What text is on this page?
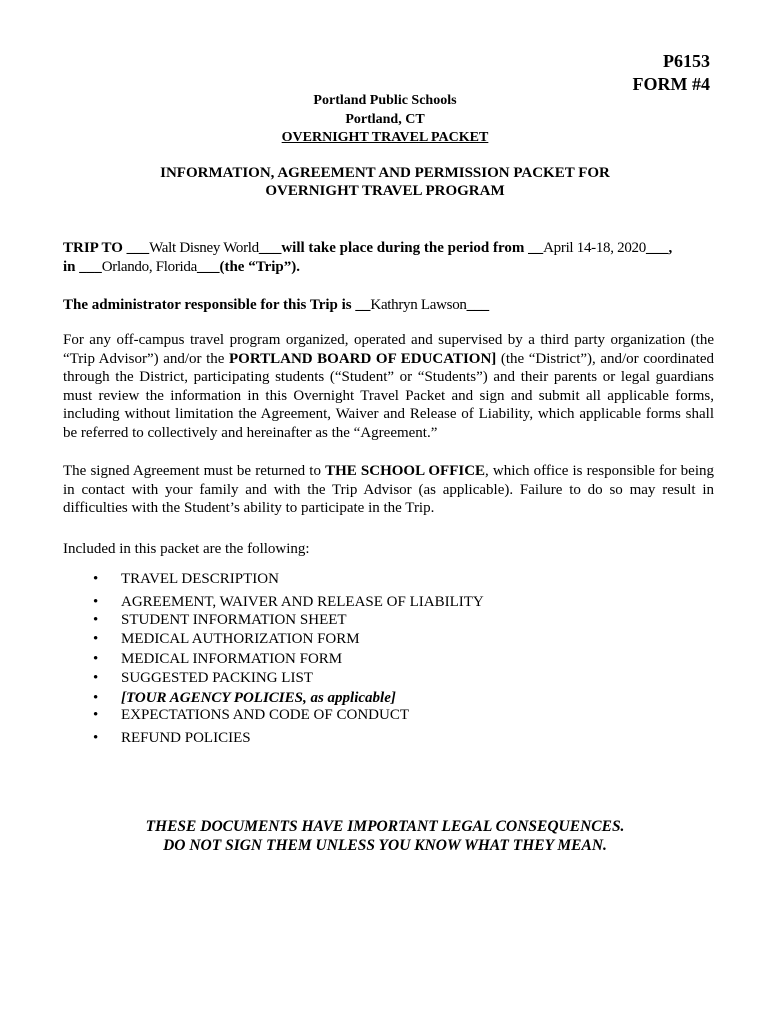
P6153
FORM #4
Portland Public Schools
Portland, CT
OVERNIGHT TRAVEL PACKET
INFORMATION, AGREEMENT AND PERMISSION PACKET FOR
OVERNIGHT TRAVEL PROGRAM
TRIP TO ___Walt Disney World___will take place during the period from __April 14-18, 2020___,
in ___Orlando, Florida___(the “Trip”).
The administrator responsible for this Trip is __Kathryn Lawson___
For any off-campus travel program organized, operated and supervised by a third party organization (the “Trip Advisor”) and/or the PORTLAND BOARD OF EDUCATION] (the “District”), and/or coordinated through the District, participating students (“Student” or “Students”) and their parents or legal guardians must review the information in this Overnight Travel Packet and sign and submit all applicable forms, including without limitation the Agreement, Waiver and Release of Liability, which applicable forms shall be referred to collectively and hereinafter as the “Agreement.”
The signed Agreement must be returned to THE SCHOOL OFFICE, which office is responsible for being in contact with your family and with the Trip Advisor (as applicable). Failure to do so may result in difficulties with the Student’s ability to participate in the Trip.
Included in this packet are the following:
• TRAVEL DESCRIPTION
• AGREEMENT, WAIVER AND RELEASE OF LIABILITY
• STUDENT INFORMATION SHEET
• MEDICAL AUTHORIZATION FORM
• MEDICAL INFORMATION FORM
• SUGGESTED PACKING LIST
• [TOUR AGENCY POLICIES, as applicable]
• EXPECTATIONS AND CODE OF CONDUCT
• REFUND POLICIES
THESE DOCUMENTS HAVE IMPORTANT LEGAL CONSEQUENCES.
DO NOT SIGN THEM UNLESS YOU KNOW WHAT THEY MEAN.
